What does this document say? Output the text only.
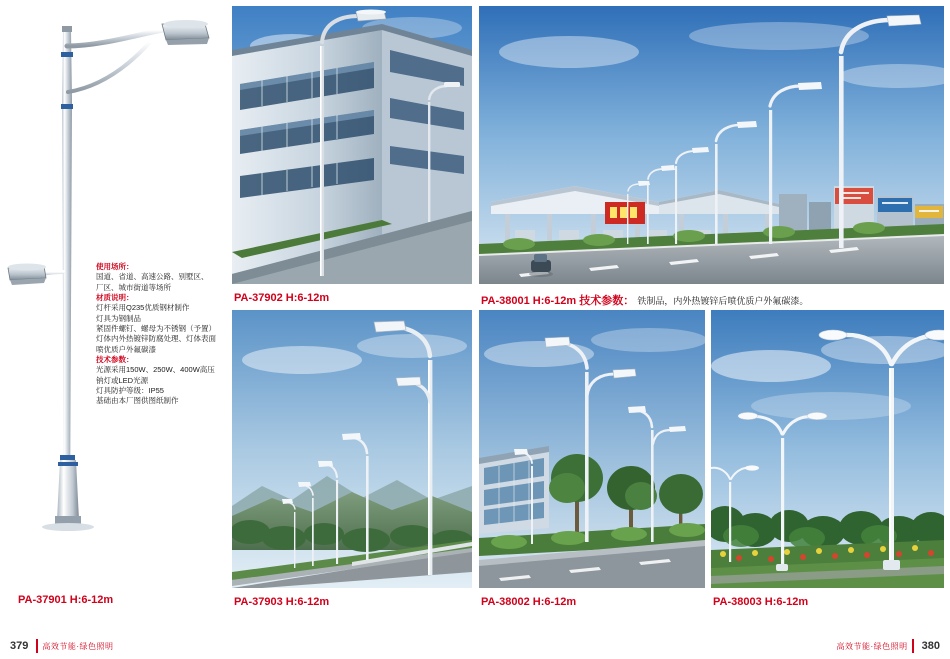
PA-37901 H:6-12m

使用场所：

国道、省道、高速公路、别墅区、

厂区、城市街道等场所

材质说明：

灯杆采用Q235优质钢材制作

灯具为钢制品

紧固件螺钉、螺母为不锈钢（予置）

灯体内外热镀锌防腐处理、灯体表面

喷优质户外氟碳漆

技术参数：

光源采用150W、250W、400W高压

钠灯或LED光源

灯具防护等级：IP55

基础由本厂图供图纸制作

PA-37902 H:6-12m	PA-38001 H:6-12m 技术参数： 铁制品，内外热镀锌后喷优质户外氟碳漆。
PA-37903 H:6-12m	PA-38002 H:6-12m	PA-38003 H:6-12m
379	高效节能·绿色照明	高效节能·绿色照明	380
